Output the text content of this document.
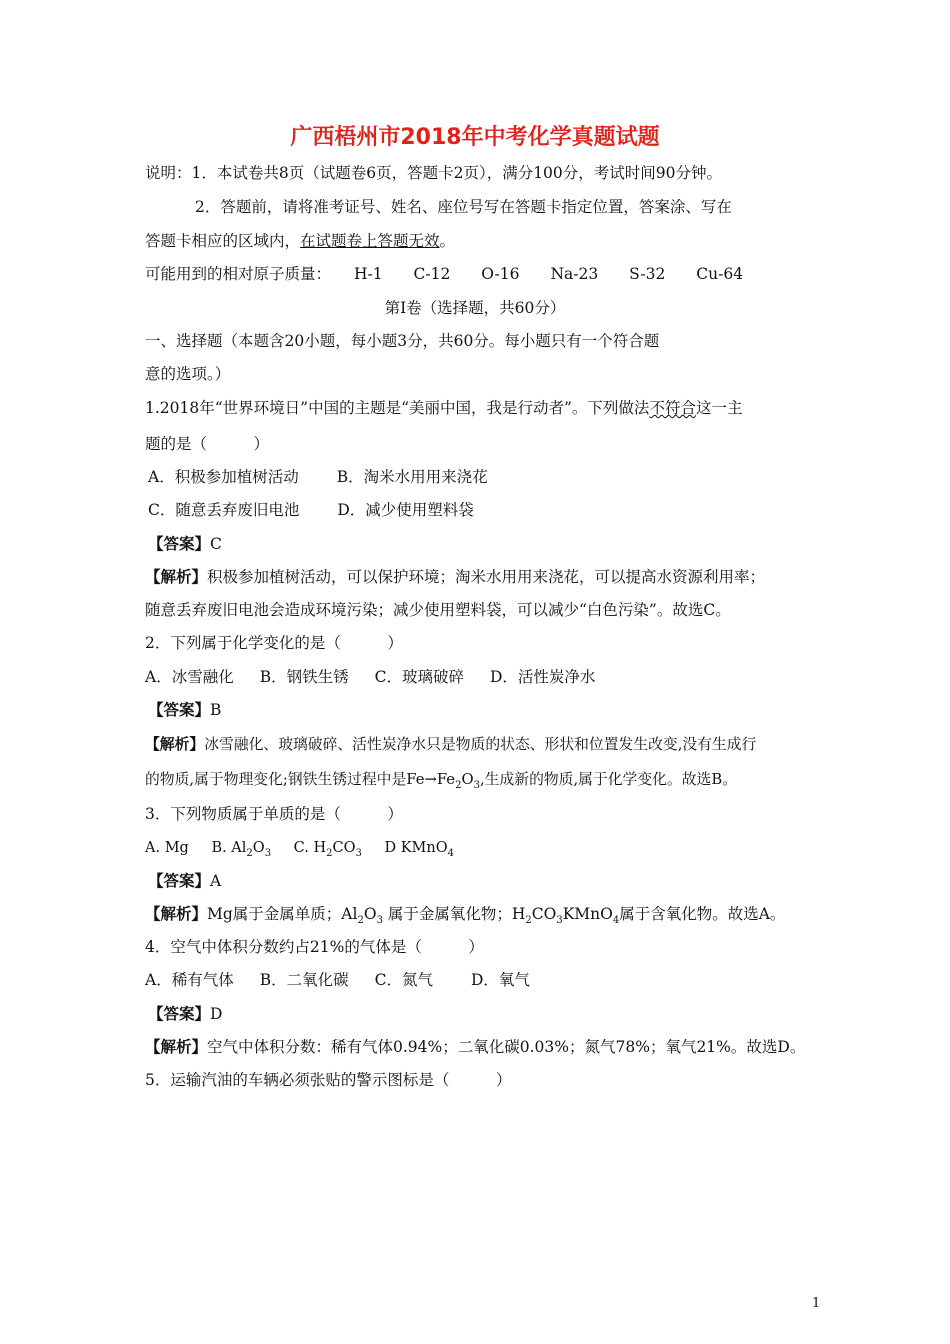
广西梧州市2018年中考化学真题试题
说明：1．本试卷共8页（试题卷6页，答题卡2页），满分100分，考试时间90分钟。
2．答题前，请将准考证号、姓名、座位号写在答题卡指定位置，答案涂、写在
答题卡相应的区域内，在试题卷上答题无效。
可能用到的相对原子质量： H-1 C-12 O-16 Na-23 S-32 Cu-64
第Ⅰ卷（选择题，共60分）
一、选择题（本题含20小题，每小题3分，共60分。每小题只有一个符合题
意的选项。）
1.2018年“世界环境日”中国的主题是“美丽中国，我是行动者”。下列做法不符合这一主
题的是（　　　）
A．积极参加植树活动 B．淘米水用用来浇花
C．随意丢弃废旧电池 D．减少使用塑料袋
【答案】C
【解析】积极参加植树活动，可以保护环境；淘米水用用来浇花，可以提高水资源利用率；
随意丢弃废旧电池会造成环境污染；减少使用塑料袋，可以减少“白色污染”。故选C。
2．下列属于化学变化的是（　　　）
A．冰雪融化 B．钢铁生锈 C．玻璃破碎 D．活性炭净水
【答案】B
【解析】冰雪融化、玻璃破碎、活性炭净水只是物质的状态、形状和位置发生改变,没有生成行
的物质,属于物理变化;钢铁生锈过程中是$Fe\to Fe_2O_3$,生成新的物质,属于化学变化。故选B。
3．下列物质属于单质的是（　　　）
A. Mg B. $Al_2O_3$ C. $H_2CO_3$ D KMnO$_4$
【答案】A
【解析】Mg属于金属单质；$Al_2O_3$ 属于金属氧化物；$H_2CO_3KMnO_4$属于含氧化物。故选A。
4．空气中体积分数约占21%的气体是（　　　）
A．稀有气体 B．二氧化碳 C．氮气 D．氧气
【答案】D
【解析】空气中体积分数：稀有气体0.94%；二氧化碳0.03%；氮气78%；氧气21%。故选D。
5．运输汽油的车辆必须张贴的警示图标是（　　　）
1
